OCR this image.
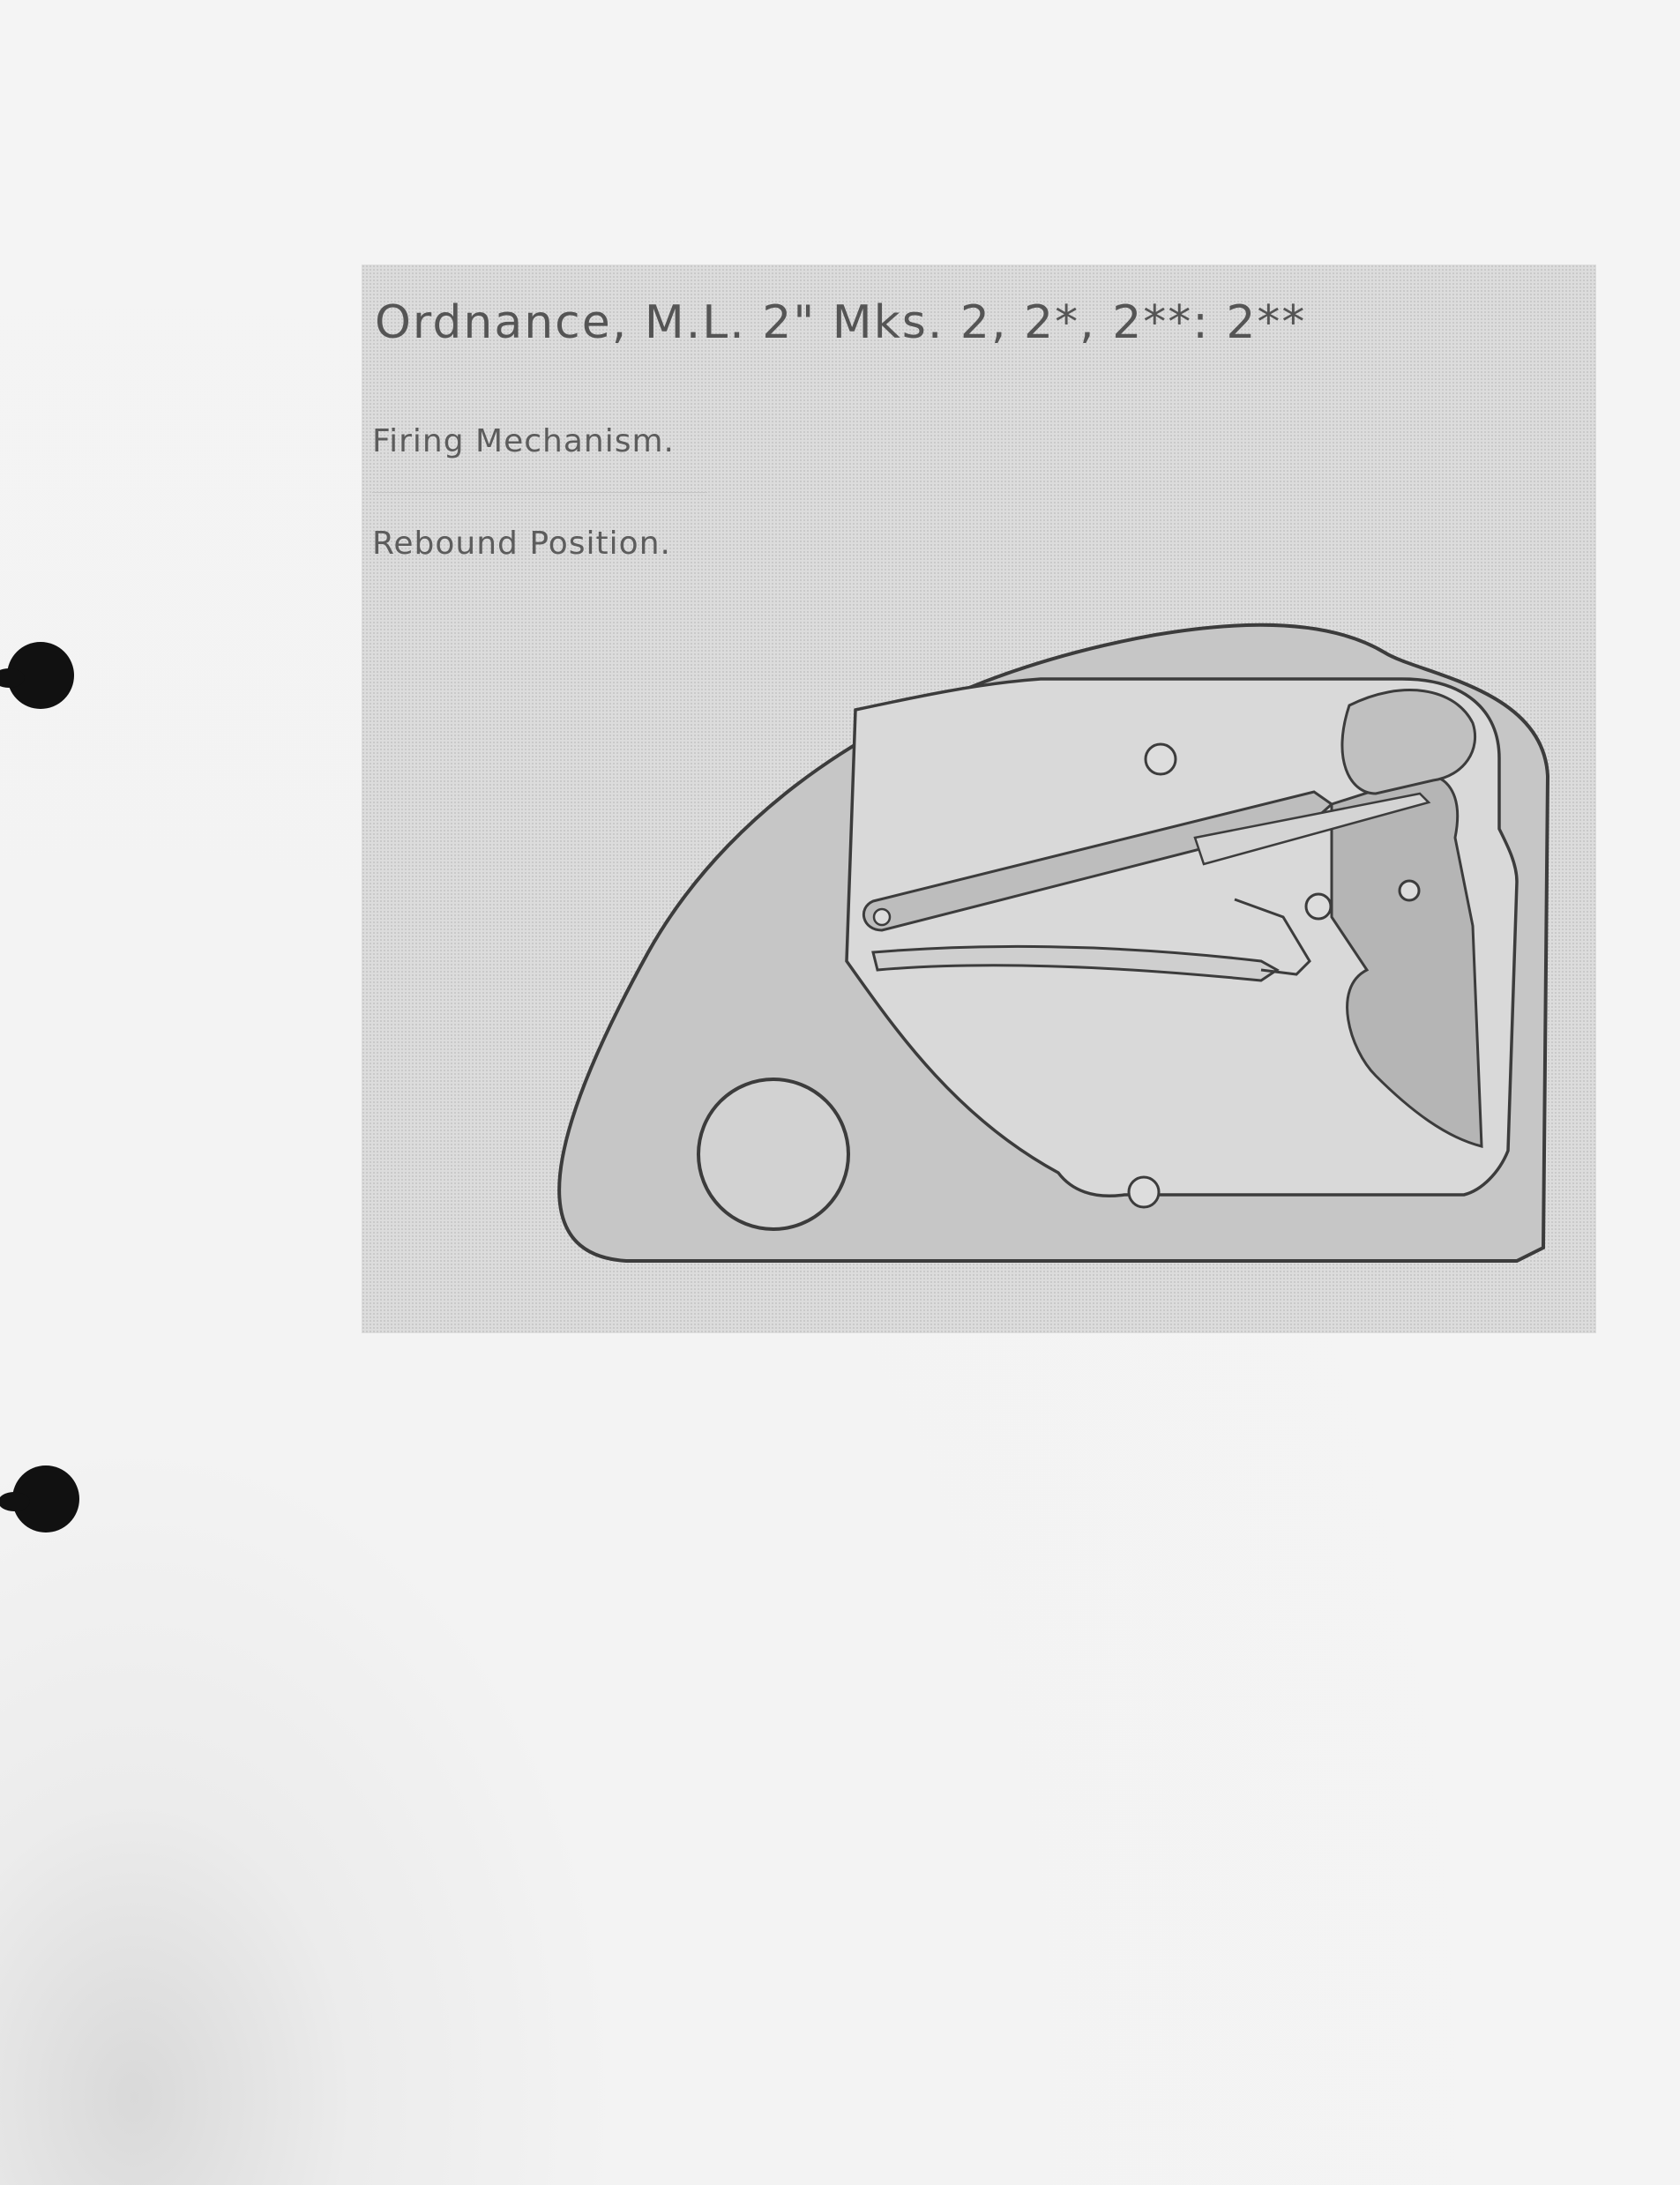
Ordnance, M.L. 2" Mks. 2, 2*, 2**: 2**

Firing Mechanism.

Rebound Position.
